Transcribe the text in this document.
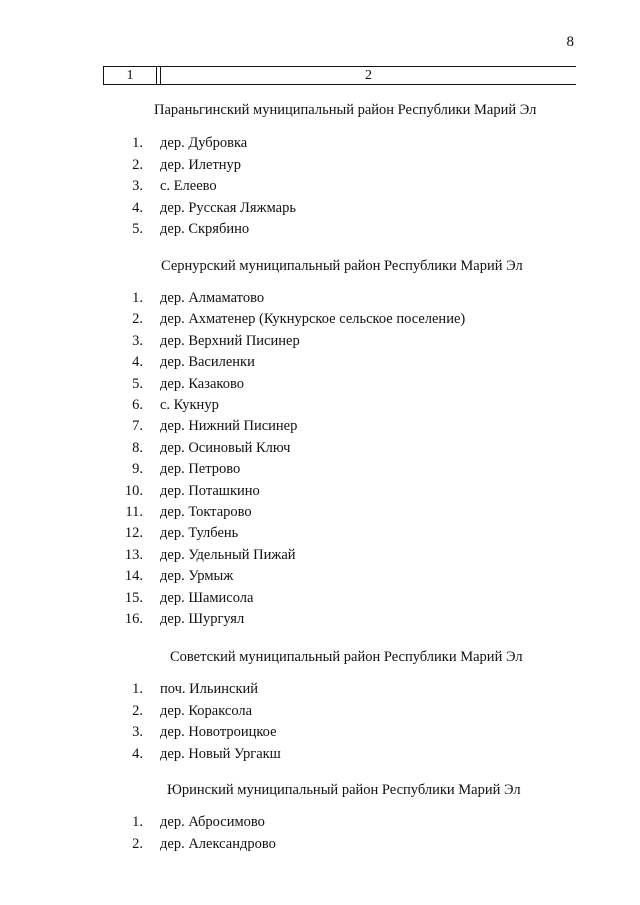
8
1	2
Параньгинский муниципальный район Республики Марий Эл
1. дер. Дубровка
2. дер. Илетнур
3. с. Елеево
4. дер. Русская Ляжмарь
5. дер. Скрябино
Сернурский муниципальный район Республики Марий Эл
1. дер. Алмаматово
2. дер. Ахматенер (Кукнурское сельское поселение)
3. дер. Верхний Писинер
4. дер. Василенки
5. дер. Казаково
6. с. Кукнур
7. дер. Нижний Писинер
8. дер. Осиновый Ключ
9. дер. Петрово
10. дер. Поташкино
11. дер. Токтарово
12. дер. Тулбень
13. дер. Удельный Пижай
14. дер. Урмыж
15. дер. Шамисола
16. дер. Шургуял
Советский муниципальный район Республики Марий Эл
1. поч. Ильинский
2. дер. Кораксола
3. дер. Новотроицкое
4. дер. Новый Ургакш
Юринский муниципальный район Республики Марий Эл
1. дер. Абросимово
2. дер. Александрово
